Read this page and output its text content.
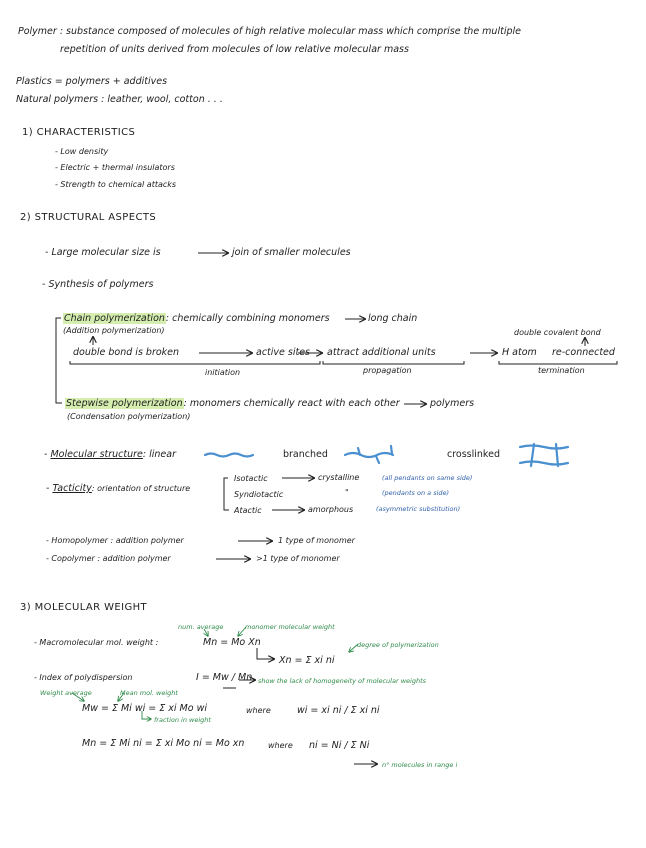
Polymer : substance composed of molecules of high relative molecular mass which comprise the multiple
repetition of units derived from molecules of low relative molecular mass
Plastics = polymers + additives
Natural polymers : leather, wool, cotton . . .
1) CHARACTERISTICS
- Low density
- Electric + thermal insulators
- Strength to chemical attacks
2) STRUCTURAL ASPECTS
- Large molecular size is	join of smaller molecules
- Synthesis of polymers
Chain polymerization: chemically combining monomers	long chain
(Addition polymerization)	double covalent bond
double bond is broken	active sites attract additional units	H atom re-connected
initiation	propagation	termination
Stepwise polymerization: monomers chemically react with each other	polymers
(Condensation polymerization)
- Molecular structure: linear	branched	crosslinked
- Tacticity: orientation of structure
Isotactic	crystalline	(all pendants on same side)
Syndiotactic	"	(pendants on a side)
Atactic	amorphous	(asymmetric substitution)
- Homopolymer : addition polymer	1 type of monomer
- Copolymer : addition polymer	>1 type of monomer
3) MOLECULAR WEIGHT
num. average	monomer molecular weight
- Macromolecular mol. weight :	Mn = Mo Xn	degree of polymerization
Xn = Σ xi ni
- Index of polydispersion	I = Mw / Mn show the lack of homogeneity of molecular weights
Weight average	Mean mol. weight
Mw = Σ Mi wi = Σ xi Mo wi
fraction in weight
where	wi = xi ni / Σ xi ni
Mn = Σ Mi ni = Σ xi Mo ni = Mo xn	where ni = Ni / Σ Ni
n° molecules in range i
